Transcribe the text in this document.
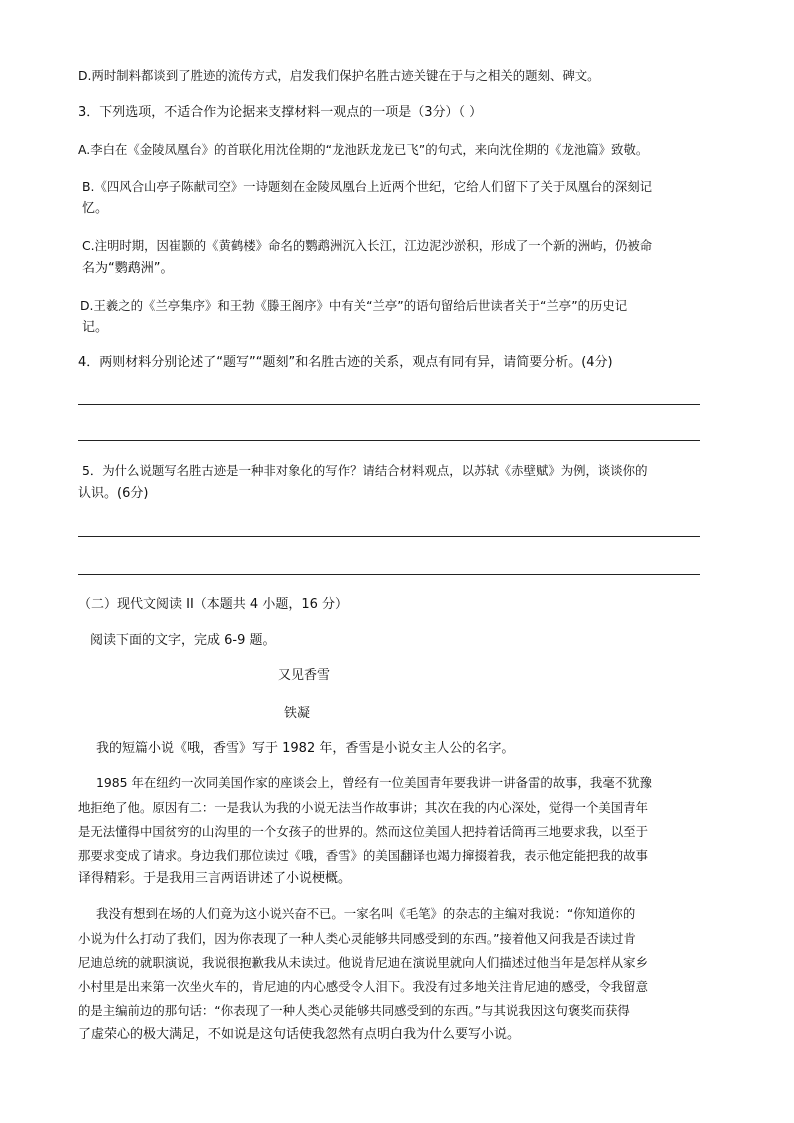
D.两时制料都谈到了胜迹的流传方式，启发我们保护名胜古迹关键在于与之相关的题刻、碑文。
3．下列选项，不适合作为论据来支撑材料一观点的一项是（3分）（ ）
A.李白在《金陵凤凰台》的首联化用沈佺期的“龙池跃龙龙已飞”的句式，来向沈佺期的《龙池篇》致敬。
B.《四风合山亭子陈献司空》一诗题刻在金陵凤凰台上近两个世纪，它给人们留下了关于凤凰台的深刻记
忆。
C.注明时期，因崔颢的《黄鹤楼》命名的鹦鹉洲沉入长江，江边泥沙淤积，形成了一个新的洲屿，仍被命
名为“鹦鹉洲”。
D.王羲之的《兰亭集序》和王勃《滕王阁序》中有关“兰亭”的语句留给后世读者关于“兰亭”的历史记
记。
4．两则材料分别论述了“题写”“题刻”和名胜古迹的关系，观点有同有异，请简要分析。(4分)
5．为什么说题写名胜古迹是一种非对象化的写作？请结合材料观点，以苏轼《赤壁赋》为例，谈谈你的
认识。(6分)
（二）现代文阅读 II（本题共 4 小题，16 分）
阅读下面的文字，完成 6-9 题。
又见香雪
铁凝
我的短篇小说《哦，香雪》写于 1982 年，香雪是小说女主人公的名字。
1985 年在纽约一次同美国作家的座谈会上，曾经有一位美国青年要我讲一讲备雷的故事，我毫不犹豫
地拒绝了他。原因有二：一是我认为我的小说无法当作故事讲；其次在我的内心深处，觉得一个美国青年
是无法懂得中国贫穷的山沟里的一个女孩子的世界的。然而这位美国人把持着话筒再三地要求我，以至于
那要求变成了请求。身边我们那位读过《哦，香雪》的美国翻译也竭力撺掇着我，表示他定能把我的故事
译得精彩。于是我用三言两语讲述了小说梗概。
我没有想到在场的人们竟为这小说兴奋不已。一家名叫《毛笔》的杂志的主编对我说：“你知道你的
小说为什么打动了我们，因为你表现了一种人类心灵能够共同感受到的东西。”接着他又问我是否读过肯
尼迪总统的就职演说，我说很抱歉我从未读过。他说肯尼迪在演说里就向人们描述过他当年是怎样从家乡
小村里是出来第一次坐火车的，肯尼迪的内心感受令人泪下。我没有过多地关注肯尼迪的感受，令我留意
的是主编前边的那句话：“你表现了一种人类心灵能够共同感受到的东西。”与其说我因这句褒奖而获得
了虚荣心的极大满足，不如说是这句话使我忽然有点明白我为什么要写小说。
